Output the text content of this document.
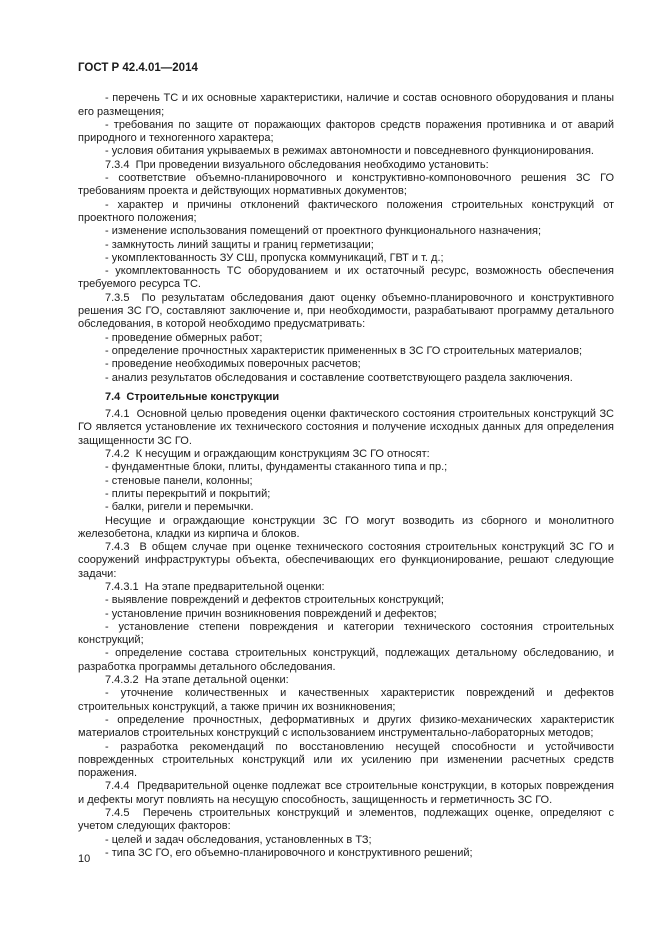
ГОСТ Р 42.4.01—2014

- перечень ТС и их основные характеристики, наличие и состав основного оборудования и планы его размещения;

- требования по защите от поражающих факторов средств поражения противника и от аварий природного и техногенного характера;

- условия обитания укрываемых в режимах автономности и повседневного функционирования.

7.3.4  При проведении визуального обследования необходимо установить:

- соответствие объемно-планировочного и конструктивно-компоновочного решения ЗС ГО требованиям проекта и действующих нормативных документов;

- характер и причины отклонений фактического положения строительных конструкций от проектного положения;

- изменение использования помещений от проектного функционального назначения;

- замкнутость линий защиты и границ герметизации;

- укомплектованность ЗУ СШ, пропуска коммуникаций, ГВТ и т. д.;

- укомплектованность ТС оборудованием и их остаточный ресурс, возможность обеспечения требуемого ресурса ТС.

7.3.5  По результатам обследования дают оценку объемно-планировочного и конструктивного решения ЗС ГО, составляют заключение и, при необходимости, разрабатывают программу детального обследования, в которой необходимо предусматривать:

- проведение обмерных работ;

- определение прочностных характеристик примененных в ЗС ГО строительных материалов;

- проведение необходимых поверочных расчетов;

- анализ результатов обследования и составление соответствующего раздела заключения.

7.4  Строительные конструкции

7.4.1  Основной целью проведения оценки фактического состояния строительных конструкций ЗС ГО является установление их технического состояния и получение исходных данных для определения защищенности ЗС ГО.

7.4.2  К несущим и ограждающим конструкциям ЗС ГО относят:

- фундаментные блоки, плиты, фундаменты стаканного типа и пр.;

- стеновые панели, колонны;

- плиты перекрытий и покрытий;

- балки, ригели и перемычки.

Несущие и ограждающие конструкции ЗС ГО могут возводить из сборного и монолитного железобетона, кладки из кирпича и блоков.

7.4.3  В общем случае при оценке технического состояния строительных конструкций ЗС ГО и сооружений инфраструктуры объекта, обеспечивающих его функционирование, решают следующие задачи:

7.4.3.1  На этапе предварительной оценки:

- выявление повреждений и дефектов строительных конструкций;

- установление причин возникновения повреждений и дефектов;

- установление степени повреждения и категории технического состояния строительных конструкций;

- определение состава строительных конструкций, подлежащих детальному обследованию, и разработка программы детального обследования.

7.4.3.2  На этапе детальной оценки:

- уточнение количественных и качественных характеристик повреждений и дефектов строительных конструкций, а также причин их возникновения;

- определение прочностных, деформативных и других физико-механических характеристик материалов строительных конструкций с использованием инструментально-лабораторных методов;

- разработка рекомендаций по восстановлению несущей способности и устойчивости поврежденных строительных конструкций или их усилению при изменении расчетных средств поражения.

7.4.4  Предварительной оценке подлежат все строительные конструкции, в которых повреждения и дефекты могут повлиять на несущую способность, защищенность и герметичность ЗС ГО.

7.4.5  Перечень строительных конструкций и элементов, подлежащих оценке, определяют с учетом следующих факторов:

- целей и задач обследования, установленных в ТЗ;

- типа ЗС ГО, его объемно-планировочного и конструктивного решений;

10
